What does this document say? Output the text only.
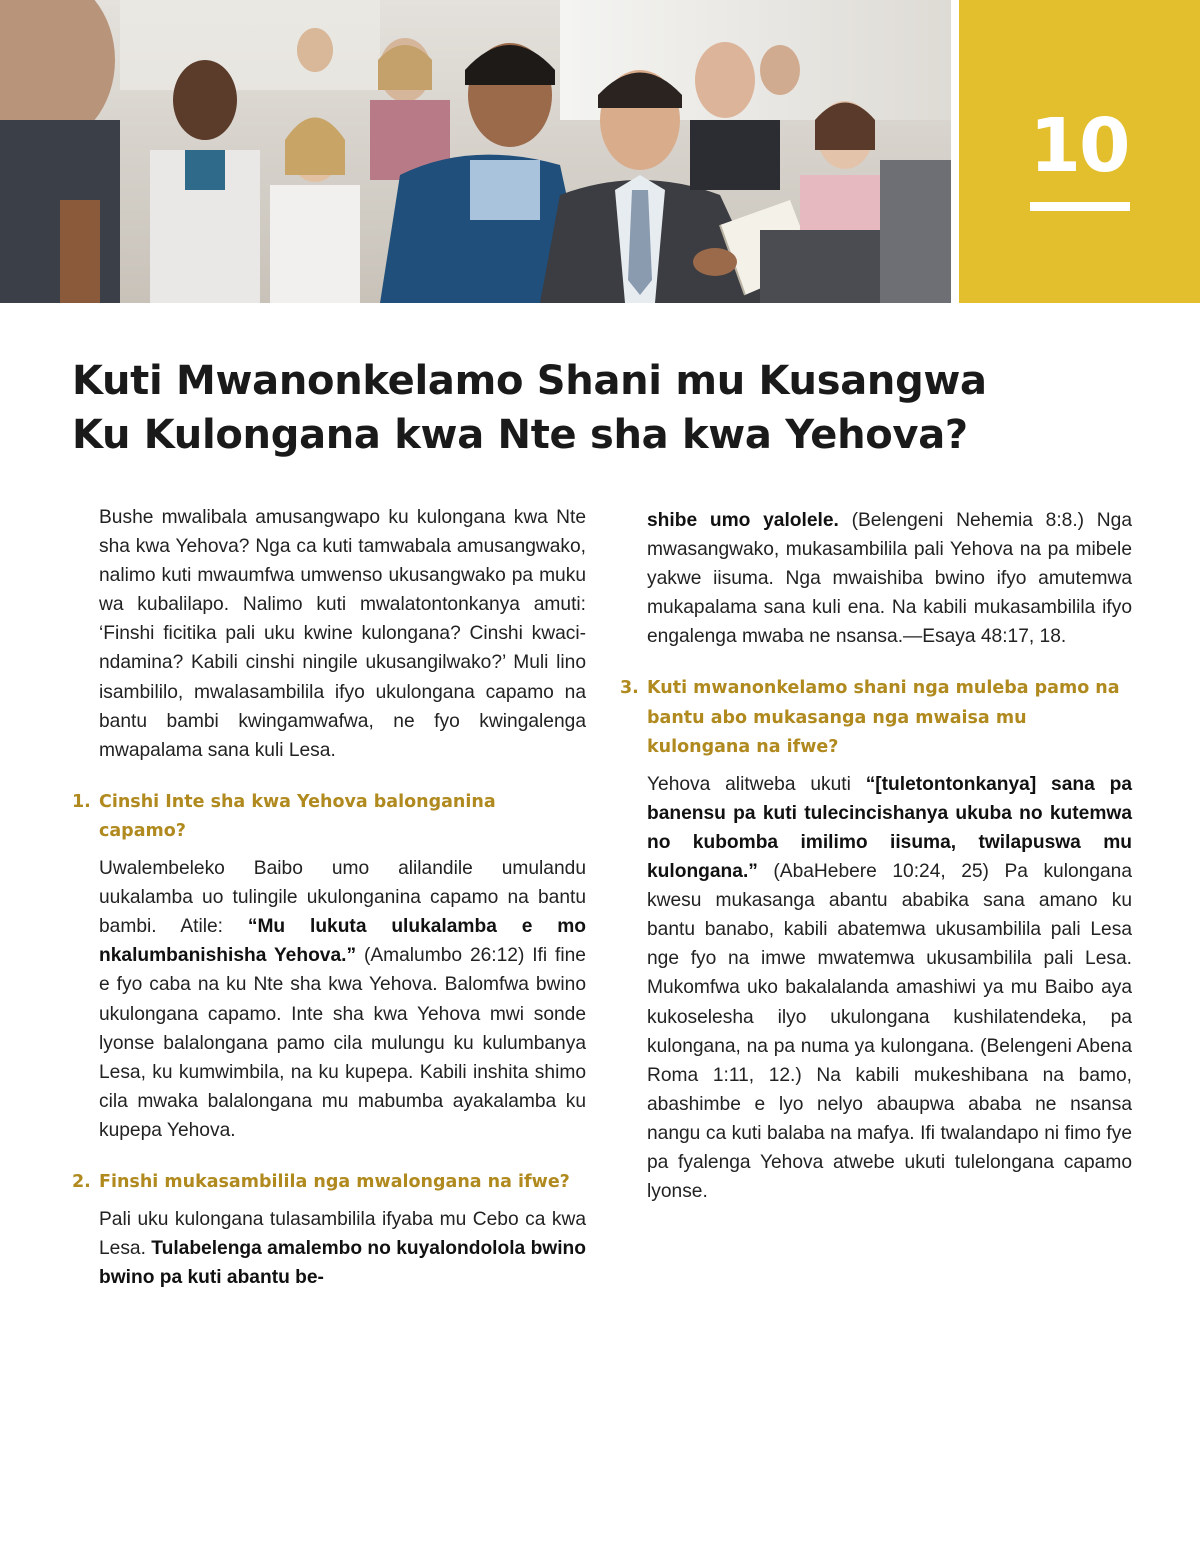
10
Kuti Mwanonkelamo Shani mu Kusangwa
Ku Kulongana kwa Nte sha kwa Yehova?

Bushe mwalibala amusangwapo ku kulongana kwa Nte sha kwa Yehova? Nga ca kuti tamwabala amusangwako, nalimo kuti mwaumfwa umwenso ukusangwako pa muku wa kubalilapo. Nalimo kuti mwalatontonkanya amuti: ‘Finshi ficitika pali uku kwine kulongana? Cinshi kwacindamina? Kabili cinshi ningile ukusangilwako?’ Muli lino isambililo, mwalasambilila ifyo ukulongana capamo na bantu bambi kwingamwafwa, ne fyo kwingalenga mwapalama sana kuli Lesa.

1. Cinshi Inte sha kwa Yehova balonganina capamo?

Uwalembeleko Baibo umo alilandile umulandu uukalamba uo tulingile ukulonganina capamo na bantu bambi. Atile: “Mu lukuta ulukalamba e mo nkalumbanishisha Yehova.” (Amalumbo 26:12) Ifi fine e fyo caba na ku Nte sha kwa Yehova. Balomfwa bwino ukulongana capamo. Inte sha kwa Yehova mwi sonde lyonse balalongana pamo cila mulungu ku kulumbanya Lesa, ku kumwimbila, na ku kupepa. Kabili inshita shimo cila mwaka balalongana mu mabumba ayakalamba ku kupepa Yehova.

2. Finshi mukasambilila nga mwalongana na ifwe?

Pali uku kulongana tulasambilila ifyaba mu Cebo ca kwa Lesa. Tulabelenga amalembo no kuyalondolola bwino bwino pa kuti abantu be-

shibe umo yalolele. (Belengeni Nehemia 8:8.) Nga mwasangwako, mukasambilila pali Yehova na pa mibele yakwe iisuma. Nga mwaishiba bwino ifyo amutemwa mukapalama sana kuli ena. Na kabili mukasambilila ifyo engalenga mwaba ne nsansa.—Esaya 48:17, 18.

3. Kuti mwanonkelamo shani nga muleba pamo na bantu abo mukasanga nga mwaisa mu kulongana na ifwe?

Yehova alitweba ukuti “[tuletontonkanya] sana pa banensu pa kuti tulecincishanya ukuba no kutemwa no kubomba imilimo iisuma, twilapuswa mu kulongana.” (AbaHebere 10:24, 25) Pa kulongana kwesu mukasanga abantu ababika sana amano ku bantu banabo, kabili abatemwa ukusambilila pali Lesa nge fyo na imwe mwatemwa ukusambilila pali Lesa. Mukomfwa uko bakalalanda amashiwi ya mu Baibo aya kukoselesha ilyo ukulongana kushilatendeka, pa kulongana, na pa numa ya kulongana. (Belengeni Abena Roma 1:11, 12.) Na kabili mukeshibana na bamo, abashimbe e lyo nelyo abaupwa ababa ne nsansa nangu ca kuti balaba na mafya. Ifi twalandapo ni fimo fye pa fyalenga Yehova atwebe ukuti tulelongana capamo lyonse.
